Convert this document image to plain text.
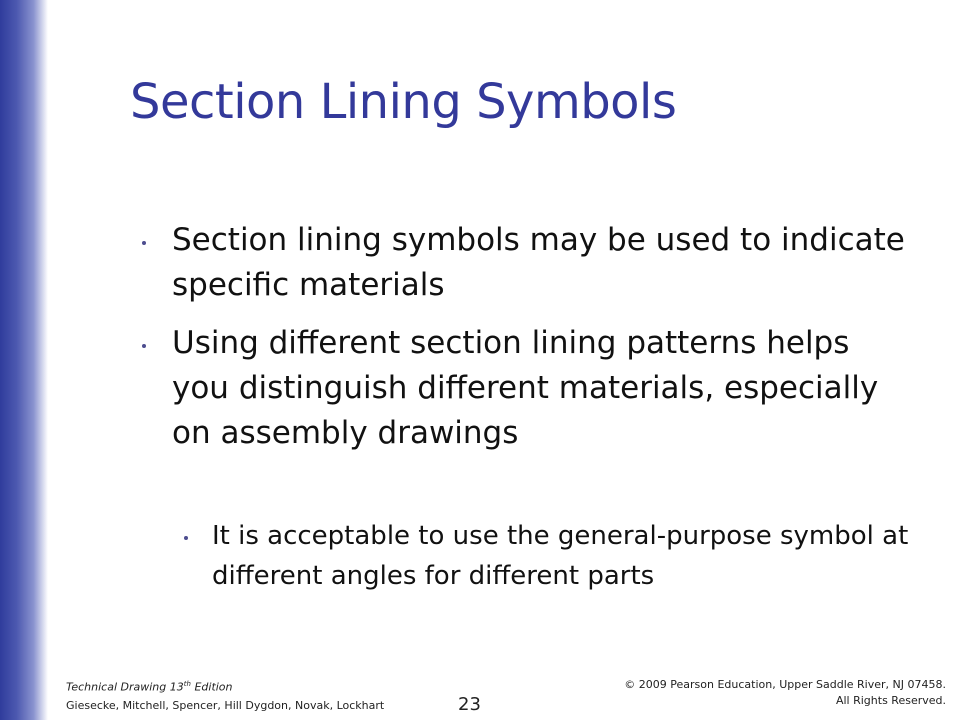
Section Lining Symbols
Section lining symbols may be used to indicate specific materials
Using different section lining patterns helps you distinguish different materials, especially on assembly drawings
It is acceptable to use the general-purpose symbol at different angles for different parts
Technical Drawing 13th Edition
Giesecke, Mitchell, Spencer, Hill Dygdon, Novak, Lockhart	23
© 2009 Pearson Education, Upper Saddle River, NJ 07458.
All Rights Reserved.
